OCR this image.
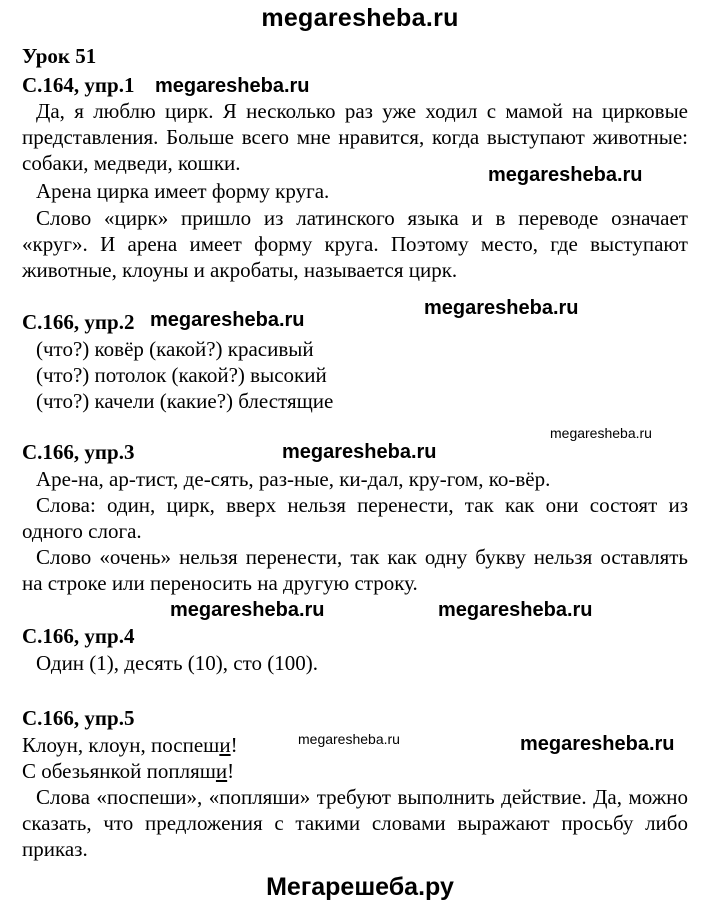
megaresheba.ru
Урок 51
С.164, упр.1 megaresheba.ru
Да, я люблю цирк. Я несколько раз уже ходил с мамой на цирковые представления. Больше всего мне нравится, когда выступают животные: собаки, медведи, кошки.	megaresheba.ru
Арена цирка имеет форму круга.
Слово «цирк» пришло из латинского языка и в переводе означает «круг». И арена имеет форму круга. Поэтому место, где выступают животные, клоуны и акробаты, называется цирк.
megaresheba.ru
С.166, упр.2 megaresheba.ru
(что?) ковёр (какой?) красивый
(что?) потолок (какой?) высокий
(что?) качели (какие?) блестящие
megaresheba.ru
С.166, упр.3	megaresheba.ru
Аре-на, ар-тист, де-сять, раз-ные, ки-дал, кру-гом, ко-вёр.
Слова: один, цирк, вверх нельзя перенести, так как они состоят из одного слога.
Слово «очень» нельзя перенести, так как одну букву нельзя оставлять на строке или переносить на другую строку.
megaresheba.ru	megaresheba.ru
С.166, упр.4
Один (1), десять (10), сто (100).
С.166, упр.5
Клоун, клоун, поспеши!	megaresheba.ru	megaresheba.ru
С обезьянкой попляши!
Слова «поспеши», «попляши» требуют выполнить действие. Да, можно сказать, что предложения с такими словами выражают просьбу либо приказ.
Мегарешеба.ру
